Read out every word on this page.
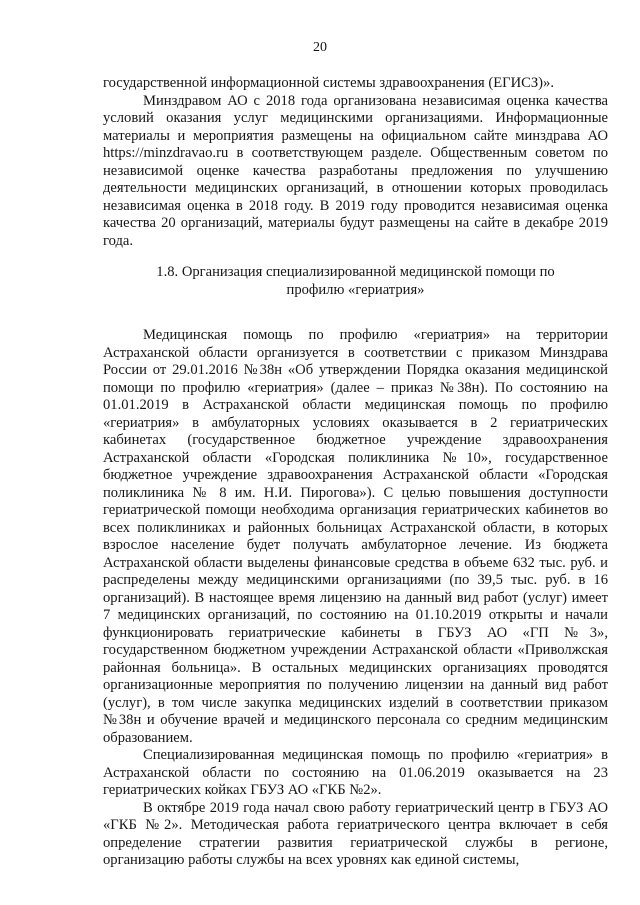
20

государственной информационной системы здравоохранения (ЕГИСЗ)».

Минздравом АО с 2018 года организована независимая оценка качества условий оказания услуг медицинскими организациями. Информационные материалы и мероприятия размещены на официальном сайте минздрава АО https://minzdravao.ru в соответствующем разделе. Общественным советом по независимой оценке качества разработаны предложения по улучшению деятельности медицинских организаций, в отношении которых проводилась независимая оценка в 2018 году. В 2019 году проводится независимая оценка качества 20 организаций, материалы будут размещены на сайте в декабре 2019 года.

1.8. Организация специализированной медицинской помощи по профилю «гериатрия»

Медицинская помощь по профилю «гериатрия» на территории Астраханской области организуется в соответствии с приказом Минздрава России от 29.01.2016 №38н «Об утверждении Порядка оказания медицинской помощи по профилю «гериатрия» (далее – приказ №38н). По состоянию на 01.01.2019 в Астраханской области медицинская помощь по профилю «гериатрия» в амбулаторных условиях оказывается в 2 гериатрических кабинетах (государственное бюджетное учреждение здравоохранения Астраханской области «Городская поликлиника №10», государственное бюджетное учреждение здравоохранения Астраханской области «Городская поликлиника № 8 им. Н.И. Пирогова»). С целью повышения доступности гериатрической помощи необходима организация гериатрических кабинетов во всех поликлиниках и районных больницах Астраханской области, в которых взрослое население будет получать амбулаторное лечение. Из бюджета Астраханской области выделены финансовые средства в объеме 632 тыс. руб. и распределены между медицинскими организациями (по 39,5 тыс. руб. в 16 организаций). В настоящее время лицензию на данный вид работ (услуг) имеет 7 медицинских организаций, по состоянию на 01.10.2019 открыты и начали функционировать гериатрические кабинеты в ГБУЗ АО «ГП №3», государственном бюджетном учреждении Астраханской области «Приволжская районная больница». В остальных медицинских организациях проводятся организационные мероприятия по получению лицензии на данный вид работ (услуг), в том числе закупка медицинских изделий в соответствии приказом №38н и обучение врачей и медицинского персонала со средним медицинским образованием.

Специализированная медицинская помощь по профилю «гериатрия» в Астраханской области по состоянию на 01.06.2019 оказывается на 23 гериатрических койках ГБУЗ АО «ГКБ №2».

В октябре 2019 года начал свою работу гериатрический центр в ГБУЗ АО «ГКБ №2». Методическая работа гериатрического центра включает в себя определение стратегии развития гериатрической службы в регионе, организацию работы службы на всех уровнях как единой системы,
